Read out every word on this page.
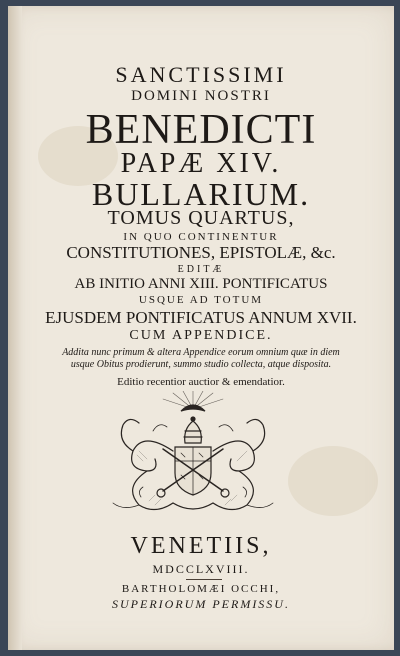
SANCTISSIMI
DOMINI NOSTRI
BENEDICTI
PAPÆ XIV.
BULLARIUM.
TOMUS QUARTUS,
IN QUO CONTINENTUR
CONSTITUTIONES, EPISTOLÆ, &c.
EDITÆ
AB INITIO ANNI XIII. PONTIFICATUS
USQUE AD TOTUM
EJUSDEM PONTIFICATUS ANNUM XVII.
CUM APPENDICE.
Addita nunc primum & altera Appendice eorum omnium quæ in diem
usque Obitus prodierunt, summo studio collecta, atque disposita.
Editio recentior auctior & emendatior.
VENETIIS,
MDCCLXVIII.
BARTHOLOMÆI OCCHI,
SUPERIORUM PERMISSU.
